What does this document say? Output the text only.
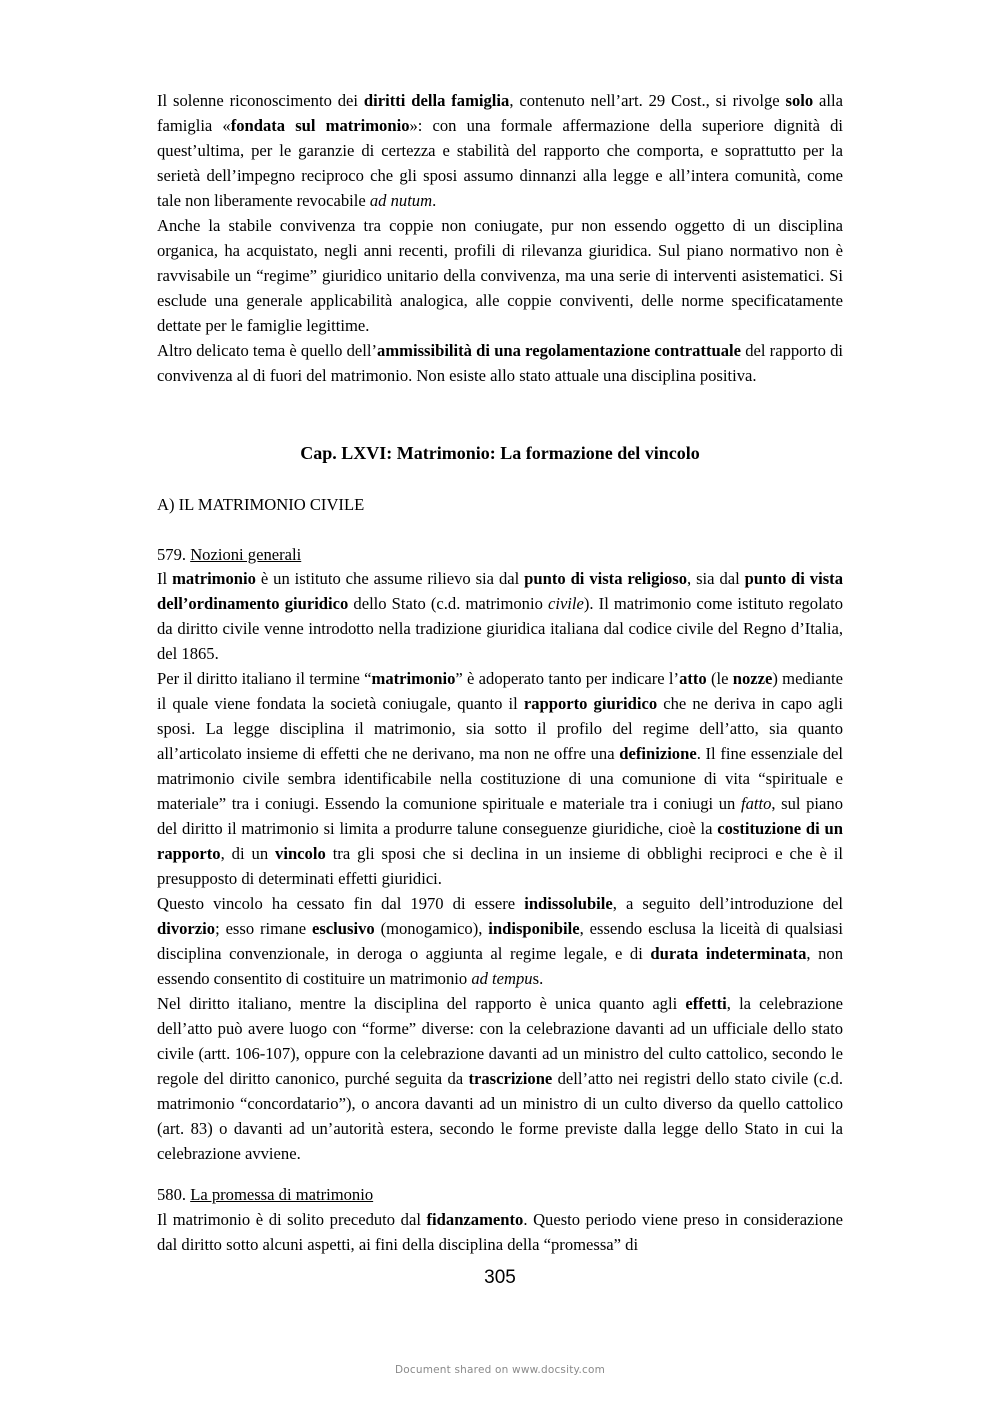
Il solenne riconoscimento dei diritti della famiglia, contenuto nell’art. 29 Cost., si rivolge solo alla famiglia «fondata sul matrimonio»: con una formale affermazione della superiore dignità di quest’ultima, per le garanzie di certezza e stabilità del rapporto che comporta, e soprattutto per la serietà dell’impegno reciproco che gli sposi assumo dinnanzi alla legge e all’intera comunità, come tale non liberamente revocabile ad nutum.

Anche la stabile convivenza tra coppie non coniugate, pur non essendo oggetto di un disciplina organica, ha acquistato, negli anni recenti, profili di rilevanza giuridica. Sul piano normativo non è ravvisabile un “regime” giuridico unitario della convivenza, ma una serie di interventi asistematici. Si esclude una generale applicabilità analogica, alle coppie conviventi, delle norme specificatamente dettate per le famiglie legittime.

Altro delicato tema è quello dell’ammissibilità di una regolamentazione contrattuale del rapporto di convivenza al di fuori del matrimonio. Non esiste allo stato attuale una disciplina positiva.

Cap. LXVI: Matrimonio: La formazione del vincolo
A) IL MATRIMONIO CIVILE
579. Nozioni generali

Il matrimonio è un istituto che assume rilievo sia dal punto di vista religioso, sia dal punto di vista dell’ordinamento giuridico dello Stato (c.d. matrimonio civile). Il matrimonio come istituto regolato da diritto civile venne introdotto nella tradizione giuridica italiana dal codice civile del Regno d’Italia, del 1865.

Per il diritto italiano il termine “matrimonio” è adoperato tanto per indicare l’atto (le nozze) mediante il quale viene fondata la società coniugale, quanto il rapporto giuridico che ne deriva in capo agli sposi. La legge disciplina il matrimonio, sia sotto il profilo del regime dell’atto, sia quanto all’articolato insieme di effetti che ne derivano, ma non ne offre una definizione. Il fine essenziale del matrimonio civile sembra identificabile nella costituzione di una comunione di vita “spirituale e materiale” tra i coniugi. Essendo la comunione spirituale e materiale tra i coniugi un fatto, sul piano del diritto il matrimonio si limita a produrre talune conseguenze giuridiche, cioè la costituzione di un rapporto, di un vincolo tra gli sposi che si declina in un insieme di obblighi reciproci e che è il presupposto di determinati effetti giuridici.

Questo vincolo ha cessato fin dal 1970 di essere indissolubile, a seguito dell’introduzione del divorzio; esso rimane esclusivo (monogamico), indisponibile, essendo esclusa la liceità di qualsiasi disciplina convenzionale, in deroga o aggiunta al regime legale, e di durata indeterminata, non essendo consentito di costituire un matrimonio ad tempus.

Nel diritto italiano, mentre la disciplina del rapporto è unica quanto agli effetti, la celebrazione dell’atto può avere luogo con “forme” diverse: con la celebrazione davanti ad un ufficiale dello stato civile (artt. 106-107), oppure con la celebrazione davanti ad un ministro del culto cattolico, secondo le regole del diritto canonico, purché seguita da trascrizione dell’atto nei registri dello stato civile (c.d. matrimonio “concordatario”), o ancora davanti ad un ministro di un culto diverso da quello cattolico (art. 83) o davanti ad un’autorità estera, secondo le forme previste dalla legge dello Stato in cui la celebrazione avviene.

580. La promessa di matrimonio

Il matrimonio è di solito preceduto dal fidanzamento. Questo periodo viene preso in considerazione dal diritto sotto alcuni aspetti, ai fini della disciplina della “promessa” di

305
Document shared on www.docsity.com
